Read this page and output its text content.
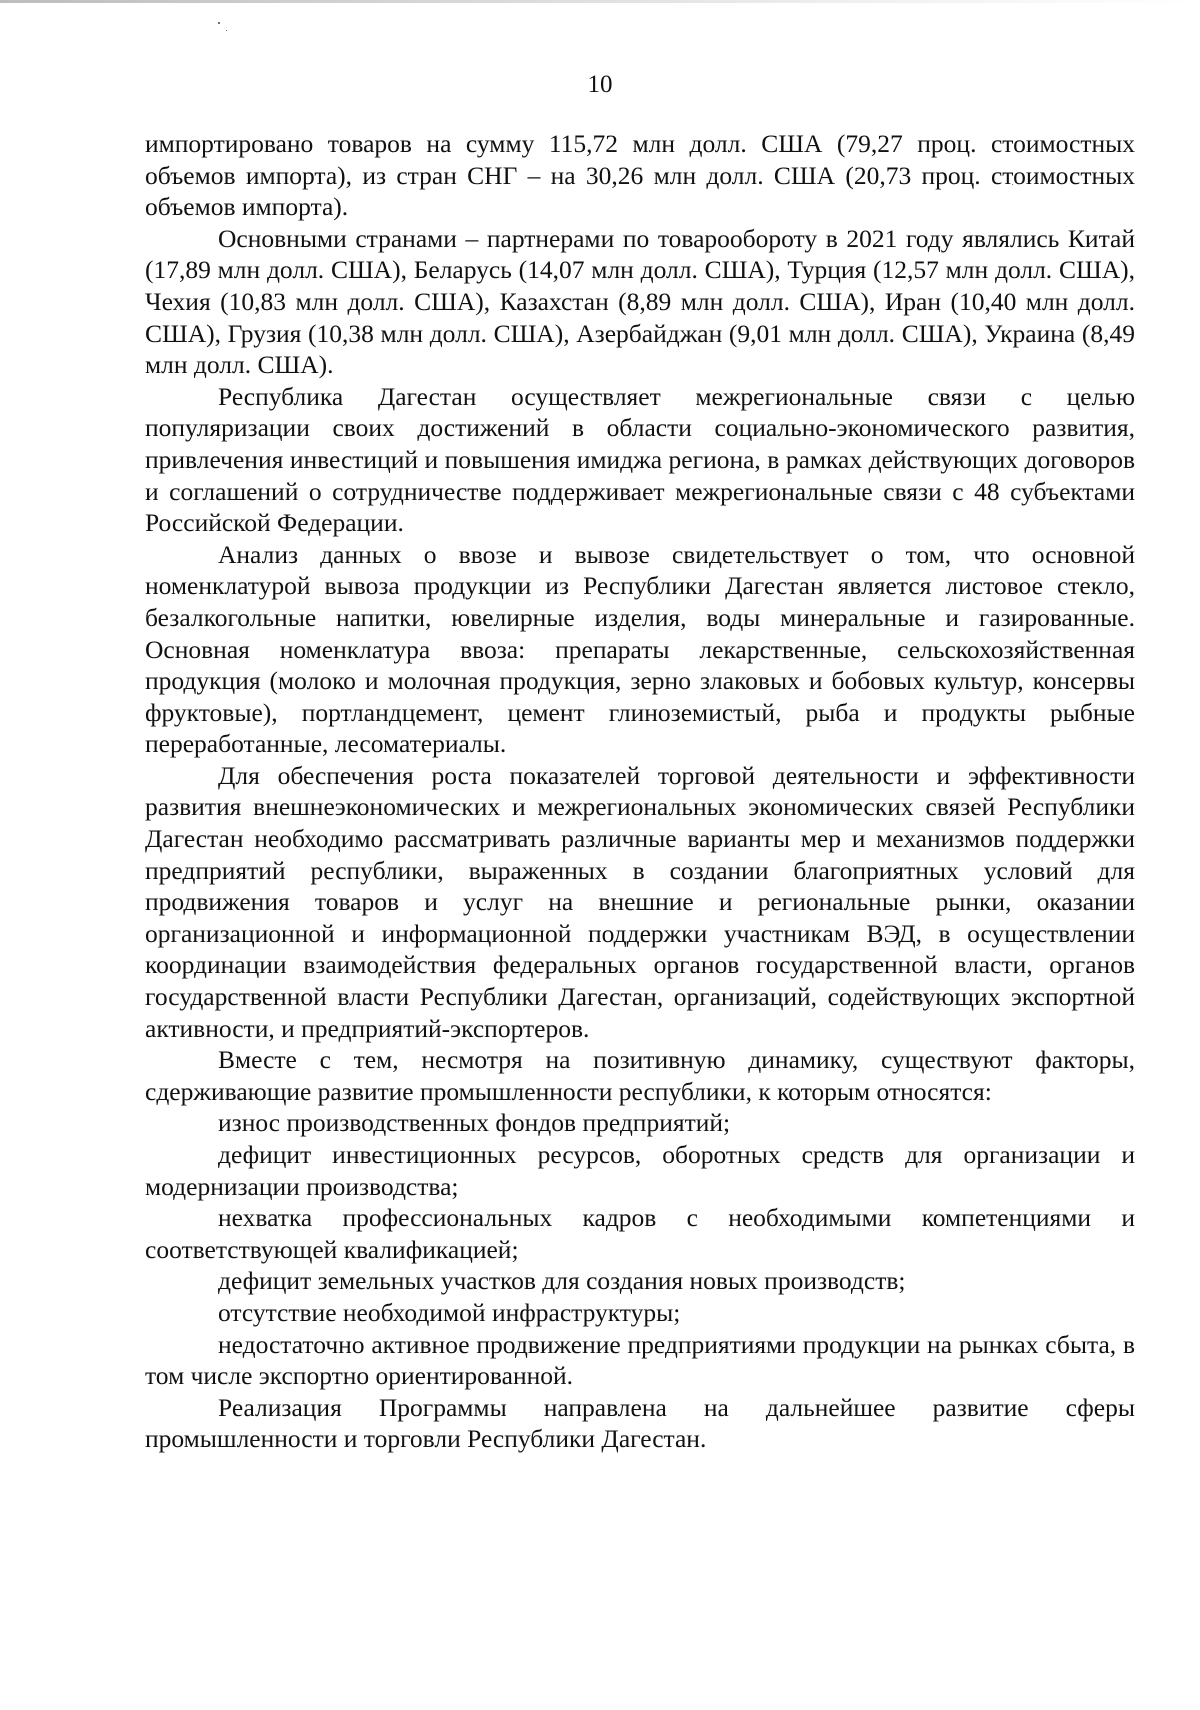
10

импортировано товаров на сумму 115,72 млн долл. США (79,27 проц. стоимостных объемов импорта), из стран СНГ – на 30,26 млн долл. США (20,73 проц. стоимостных объемов импорта).

Основными странами – партнерами по товарообороту в 2021 году являлись Китай (17,89 млн долл. США), Беларусь (14,07 млн долл. США), Турция (12,57 млн долл. США), Чехия (10,83 млн долл. США), Казахстан (8,89 млн долл. США), Иран (10,40 млн долл. США), Грузия (10,38 млн долл. США), Азербайджан (9,01 млн долл. США), Украина (8,49 млн долл. США).

Республика Дагестан осуществляет межрегиональные связи с целью популяризации своих достижений в области социально-экономического развития, привлечения инвестиций и повышения имиджа региона, в рамках действующих договоров и соглашений о сотрудничестве поддерживает межрегиональные связи с 48 субъектами Российской Федерации.

Анализ данных о ввозе и вывозе свидетельствует о том, что основной номенклатурой вывоза продукции из Республики Дагестан является листовое стекло, безалкогольные напитки, ювелирные изделия, воды минеральные и газированные. Основная номенклатура ввоза: препараты лекарственные, сельскохозяйственная продукция (молоко и молочная продукция, зерно злаковых и бобовых культур, консервы фруктовые), портландцемент, цемент глиноземистый, рыба и продукты рыбные переработанные, лесоматериалы.

Для обеспечения роста показателей торговой деятельности и эффективности развития внешнеэкономических и межрегиональных экономических связей Республики Дагестан необходимо рассматривать различные варианты мер и механизмов поддержки предприятий республики, выраженных в создании благоприятных условий для продвижения товаров и услуг на внешние и региональные рынки, оказании организационной и информационной поддержки участникам ВЭД, в осуществлении координации взаимодействия федеральных органов государственной власти, органов государственной власти Республики Дагестан, организаций, содействующих экспортной активности, и предприятий-экспортеров.

Вместе с тем, несмотря на позитивную динамику, существуют факторы, сдерживающие развитие промышленности республики, к которым относятся:

износ производственных фондов предприятий;

дефицит инвестиционных ресурсов, оборотных средств для организации и модернизации производства;

нехватка профессиональных кадров с необходимыми компетенциями и соответствующей квалификацией;

дефицит земельных участков для создания новых производств;

отсутствие необходимой инфраструктуры;

недостаточно активное продвижение предприятиями продукции на рынках сбыта, в том числе экспортно ориентированной.

Реализация Программы направлена на дальнейшее развитие сферы промышленности и торговли Республики Дагестан.
